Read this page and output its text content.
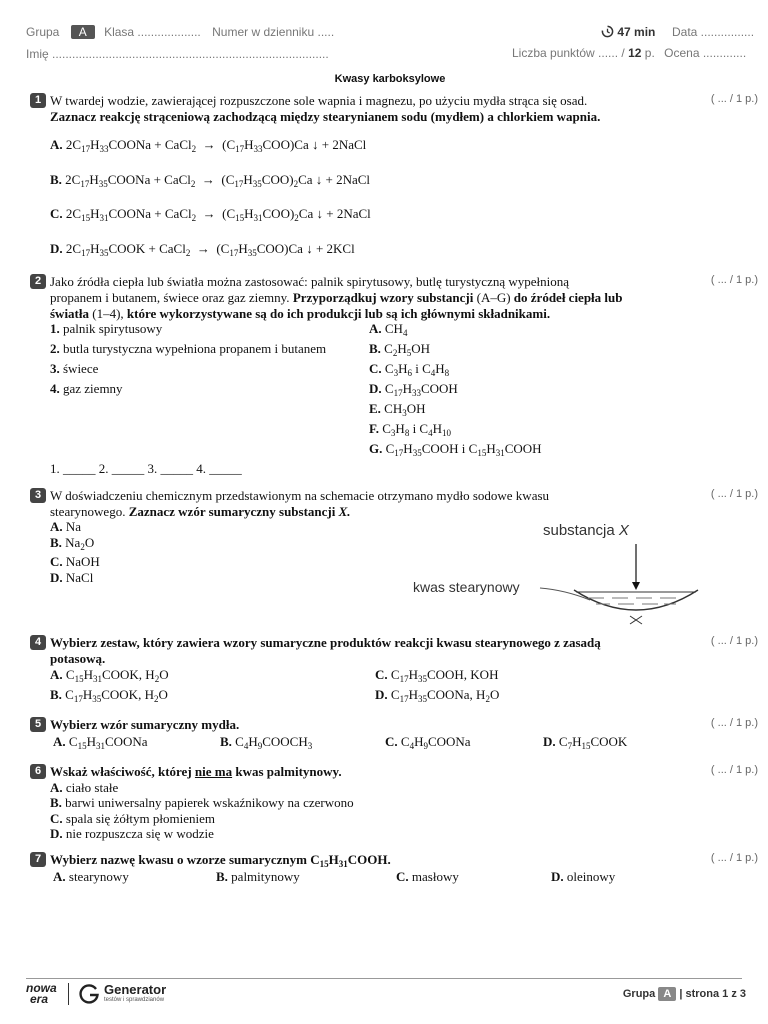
Grupa A Klasa ................... Numer w dzienniku .....	47 min Data ................
Imię ...................................................................................	Liczba punktów ...... / 12 p. Ocena .............
Kwasy karboksylowe
1	( ... / 1 p.)
W twardej wodzie, zawierającej rozpuszczone sole wapnia i magnezu, po użyciu mydła strąca się osad.
Zaznacz reakcję strąceniową zachodzącą między stearynianem sodu (mydłem) a chlorkiem wapnia.
A. $2C_{17}H_{33}COONa$ + CaCl$_2$  →  $(C_{17}H_{33}COO)Ca$ ↓ + 2NaCl
B. $2C_{17}H_{35}COONa$ + CaCl$_2$  →  $(C_{17}H_{35}COO)_2Ca$ ↓ + 2NaCl
C. $2C_{15}H_{31}COONa$ + CaCl$_2$  →  $(C_{15}H_{31}COO)_2Ca$ ↓ + 2NaCl
D. $2C_{17}H_{35}COOK$ + CaCl$_2$  →  $(C_{17}H_{35}COO)Ca$ ↓ + 2KCl
2	( ... / 1 p.)
Jako źródła ciepła lub światła można zastosować: palnik spirytusowy, butlę turystyczną wypełnioną
propanem i butanem, świece oraz gaz ziemny. Przyporządkuj wzory substancji (A–G) do źródeł ciepła lub
światła (1–4), które wykorzystywane są do ich produkcji lub są ich głównymi składnikami.
1. palnik spirytusowy
2. butla turystyczna wypełniona propanem i butanem
3. świece
4. gaz ziemny
A. $CH_4$
B. $C_2H_5OH$
C. $C_3H_6$ i $C_4H_8$
D. $C_{17}H_{33}COOH$
E. $CH_3OH$
F. $C_3H_8$ i $C_4H_{10}$
G. $C_{17}H_{35}COOH$ i $C_{15}H_{31}COOH$
1. _____ 2. _____ 3. _____ 4. _____
3	( ... / 1 p.)
W doświadczeniu chemicznym przedstawionym na schemacie otrzymano mydło sodowe kwasu
stearynowego. Zaznacz wzór sumaryczny substancji X.
A. Na
B. $Na_2O$
C. NaOH
D. NaCl
substancja X
kwas stearynowy
4	( ... / 1 p.)
Wybierz zestaw, który zawiera wzory sumaryczne produktów reakcji kwasu stearynowego z zasadą
potasową.
A. $C_{15}H_{31}COOK$, $H_2O$	C. $C_{17}H_{35}COOH$, KOH
B. $C_{17}H_{35}COOK$, $H_2O$	D. $C_{17}H_{35}COONa$, $H_2O$
5	( ... / 1 p.)
Wybierz wzór sumaryczny mydła.
A. $C_{15}H_{31}COONa$	B. $C_4H_9COOCH_3$	C. $C_4H_9COONa$	D. $C_7H_{15}COOK$
6	( ... / 1 p.)
Wskaż właściwość, której nie ma kwas palmitynowy.
A. ciało stałe
B. barwi uniwersalny papierek wskaźnikowy na czerwono
C. spala się żółtym płomieniem
D. nie rozpuszcza się w wodzie
7	( ... / 1 p.)
Wybierz nazwę kwasu o wzorze sumarycznym $C_{15}H_{31}COOH$.
A. stearynowy	B. palmitynowy	C. masłowy	D. oleinowy
nowa
era
Generator
testów i sprawdzianów	Grupa A | strona 1 z 3
